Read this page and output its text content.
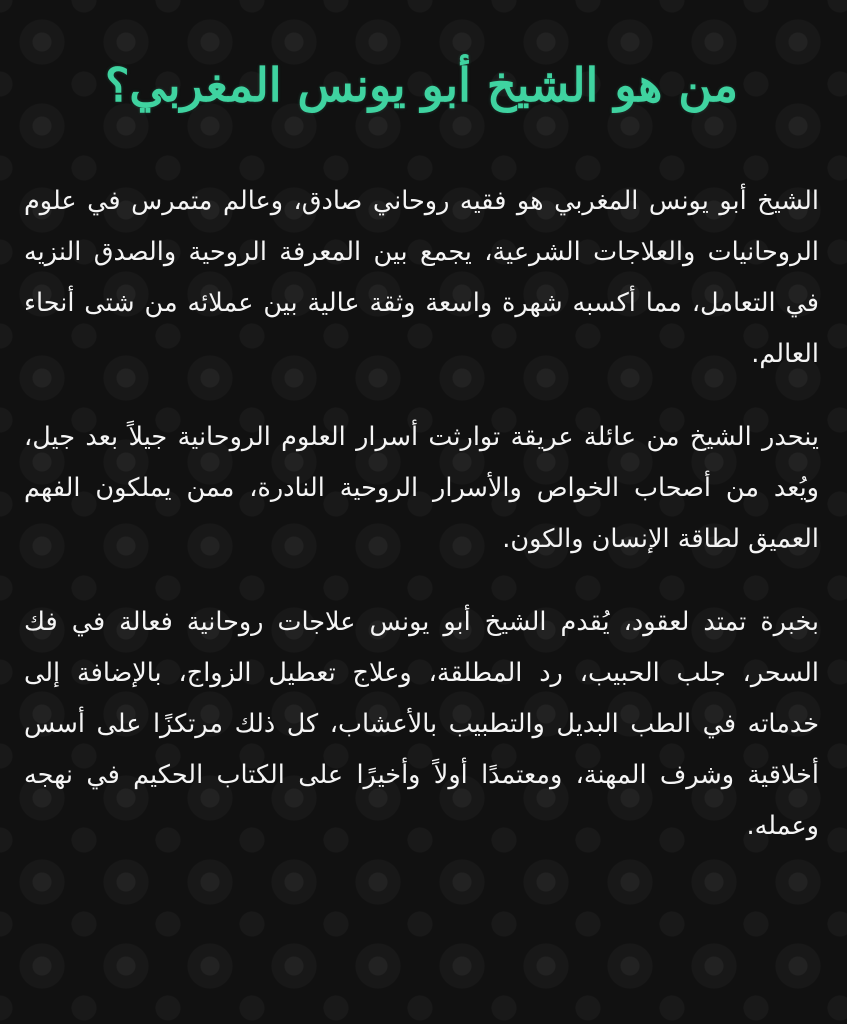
من هو الشيخ أبو يونس المغربي؟

الشيخ أبو يونس المغربي هو فقيه روحاني صادق، وعالم متمرس في علوم الروحانيات والعلاجات الشرعية، يجمع بين المعرفة الروحية والصدق النزيه في التعامل، مما أكسبه شهرة واسعة وثقة عالية بين عملائه من شتى أنحاء العالم.

ينحدر الشيخ من عائلة عريقة توارثت أسرار العلوم الروحانية جيلاً بعد جيل، ويُعد من أصحاب الخواص والأسرار الروحية النادرة، ممن يملكون الفهم العميق لطاقة الإنسان والكون.

بخبرة تمتد لعقود، يُقدم الشيخ أبو يونس علاجات روحانية فعالة في فك السحر، جلب الحبيب، رد المطلقة، وعلاج تعطيل الزواج، بالإضافة إلى خدماته في الطب البديل والتطبيب بالأعشاب، كل ذلك مرتكزًا على أسس أخلاقية وشرف المهنة، ومعتمدًا أولاً وأخيرًا على الكتاب الحكيم في نهجه وعمله.
